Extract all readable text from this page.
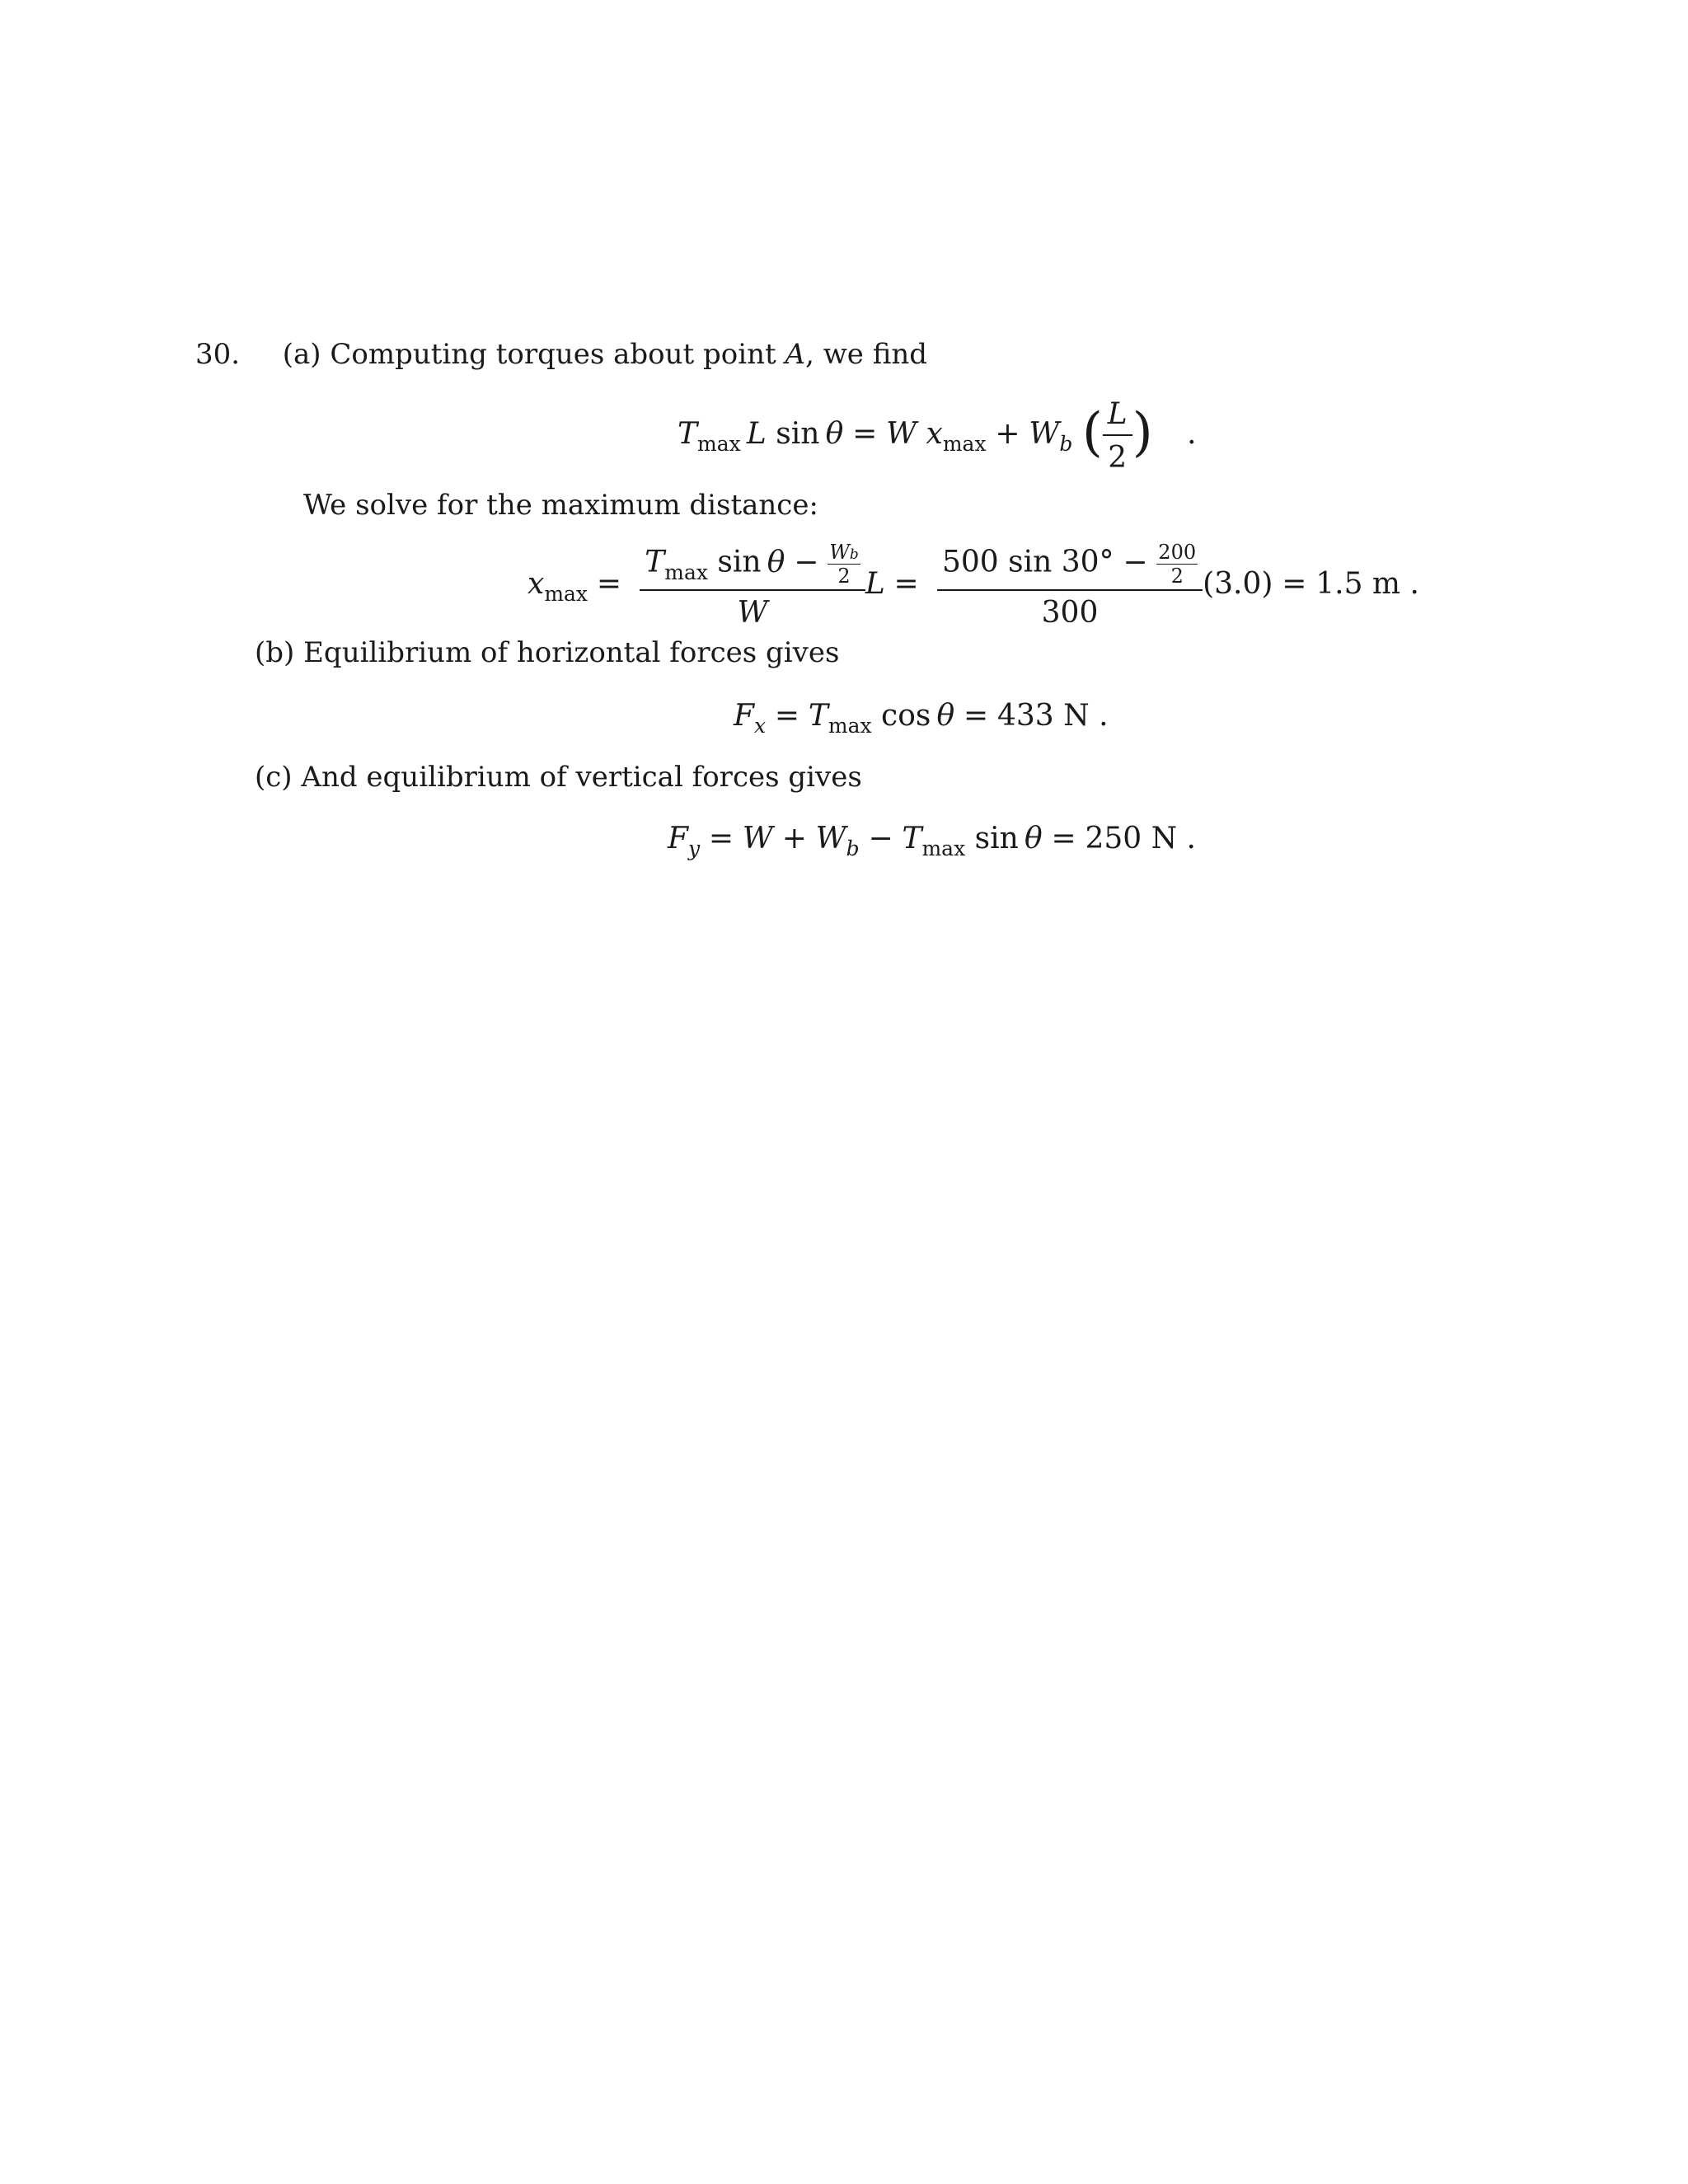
30. (a) Computing torques about point A, we find
$T_{max}$ L sin θ = W $x_{max} + W_b$ ( $\frac{L}{2}$ ) .
We solve for the maximum distance:
$x_{max} = \frac{T_{max} \sin \theta - \frac{Wb}{2}}{W}$ $L = \frac{500 \sin 30^\circ - \frac{200}{2}}{300} (3.0) = 1.5$ m .
(b) Equilibrium of horizontal forces gives
$F_x = T_{max}$ cos θ = 433 N .
(c) And equilibrium of vertical forces gives
$F_y = W + W_b - T_{max}$ sin θ = 250 N .
